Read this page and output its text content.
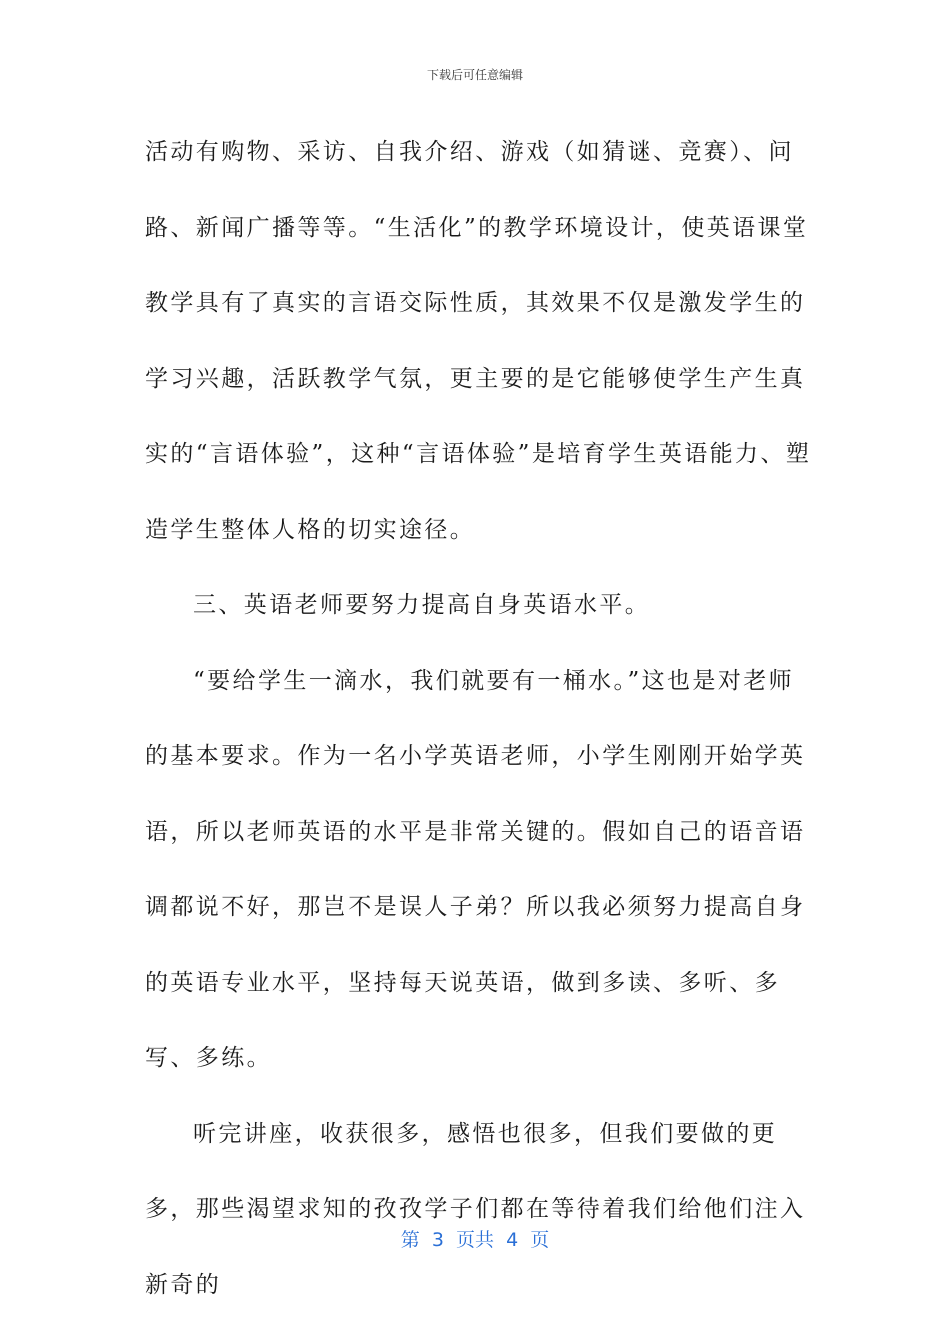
下载后可任意编辑

活动有购物、采访、自我介绍、游戏（如猜谜、竞赛）、问路、新闻广播等等。“生活化”的教学环境设计，使英语课堂教学具有了真实的言语交际性质，其效果不仅是激发学生的学习兴趣，活跃教学气氛，更主要的是它能够使学生产生真实的“言语体验”，这种“言语体验”是培育学生英语能力、塑造学生整体人格的切实途径。

三、英语老师要努力提高自身英语水平。

“要给学生一滴水，我们就要有一桶水。”这也是对老师的基本要求。作为一名小学英语老师，小学生刚刚开始学英语，所以老师英语的水平是非常关键的。假如自己的语音语调都说不好，那岂不是误人子弟？所以我必须努力提高自身的英语专业水平，坚持每天说英语，做到多读、多听、多写、多练。

听完讲座，收获很多，感悟也很多，但我们要做的更多，那些渴望求知的孜孜学子们都在等待着我们给他们注入新奇的

第  3  页共  4  页
